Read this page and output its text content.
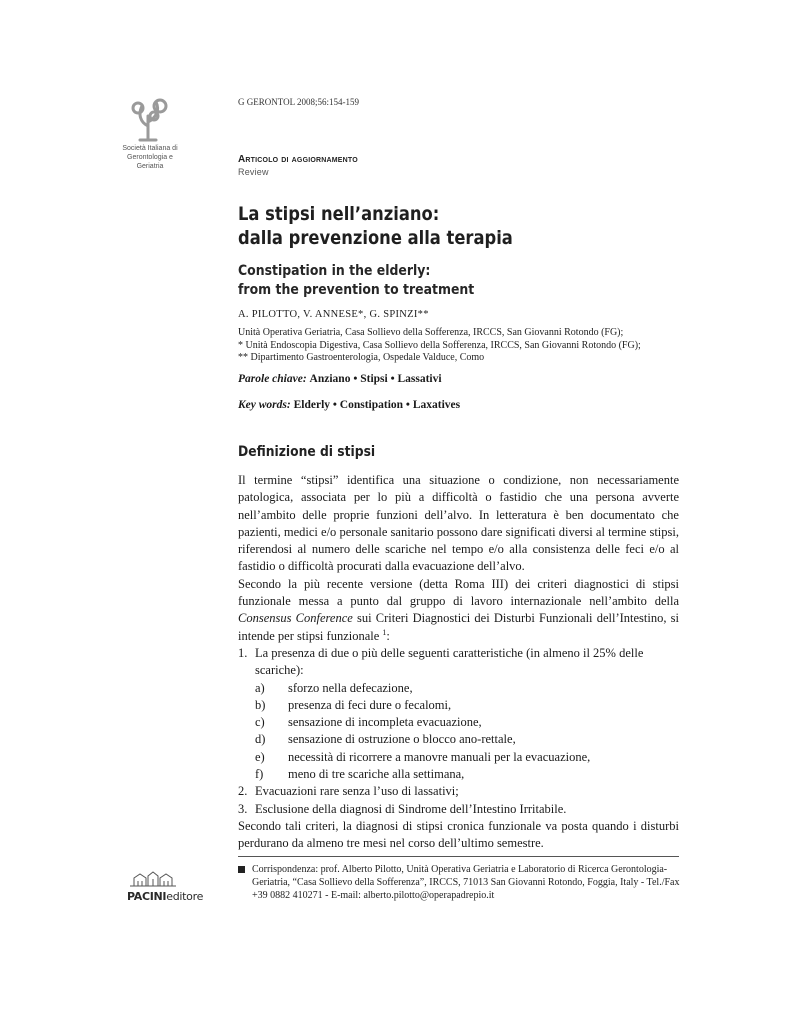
Società Italiana di
Gerontologia e
Geriatria
G GERONTOL 2008;56:154-159
Articolo di aggiornamento
Review
La stipsi nell’anziano:
dalla prevenzione alla terapia
Constipation in the elderly:
from the prevention to treatment
A. PILOTTO, V. ANNESE*, G. SPINZI**
Unità Operativa Geriatria, Casa Sollievo della Sofferenza, IRCCS, San Giovanni Rotondo (FG);
* Unità Endoscopia Digestiva, Casa Sollievo della Sofferenza, IRCCS, San Giovanni Rotondo (FG);
** Dipartimento Gastroenterologia, Ospedale Valduce, Como
Parole chiave: Anziano • Stipsi • Lassativi
Key words: Elderly • Constipation • Laxatives
Definizione di stipsi

Il termine “stipsi” identifica una situazione o condizione, non necessariamente patologica, associata per lo più a difficoltà o fastidio che una persona avverte nell’ambito delle proprie funzioni dell’alvo. In letteratura è ben documentato che pazienti, medici e/o personale sanitario possono dare significati diversi al termine stipsi, riferendosi al numero delle scariche nel tempo e/o alla consistenza delle feci e/o al fastidio o difficoltà procurati dalla evacuazione dell’alvo.

Secondo la più recente versione (detta Roma III) dei criteri diagnostici di stipsi funzionale messa a punto dal gruppo di lavoro internazionale nell’ambito della Consensus Conference sui Criteri Diagnostici dei Disturbi Funzionali dell’Intestino, si intende per stipsi funzionale $^1$:

1. La presenza di due o più delle seguenti caratteristiche (in almeno il 25% delle scariche):
a)	sforzo nella defecazione,
b)	presenza di feci dure o fecalomi,
c)	sensazione di incompleta evacuazione,
d)	sensazione di ostruzione o blocco ano-rettale,
e)	necessità di ricorrere a manovre manuali per la evacuazione,
f)	meno di tre scariche alla settimana,
2. Evacuazioni rare senza l’uso di lassativi;
3. Esclusione della diagnosi di Sindrome dell’Intestino Irritabile.

Secondo tali criteri, la diagnosi di stipsi cronica funzionale va posta quando i disturbi perdurano da almeno tre mesi nel corso dell’ultimo semestre.

Corrispondenza: prof. Alberto Pilotto, Unità Operativa Geriatria e Laboratorio di Ricerca Gerontologia-Geriatria, “Casa Sollievo della Sofferenza”, IRCCS, 71013 San Giovanni Rotondo, Foggia, Italy - Tel./Fax +39 0882 410271 - E-mail: alberto.pilotto@operapadrepio.it
PACINIeditore
